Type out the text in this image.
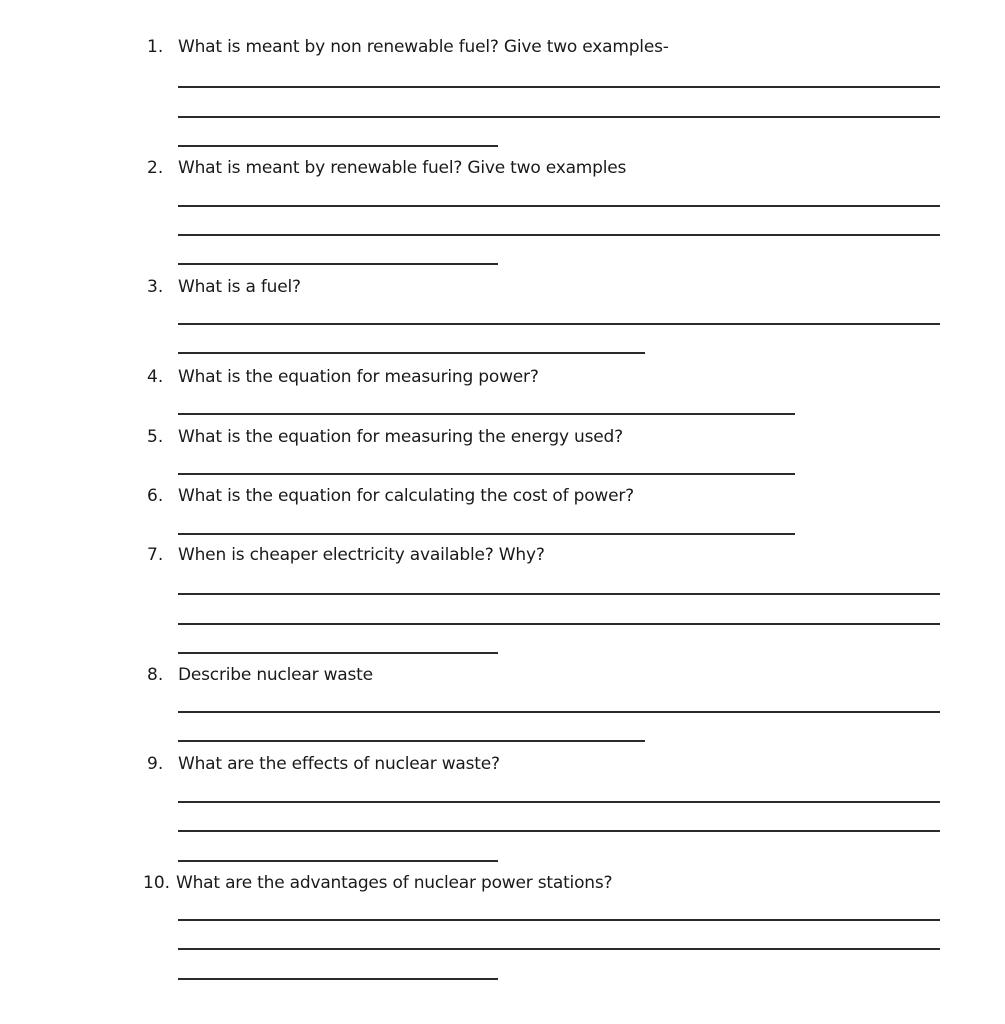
1. What is meant by non renewable fuel? Give two examples-
2. What is meant by renewable fuel? Give two examples
3. What is a fuel?
4. What is the equation for measuring power?
5. What is the equation for measuring the energy used?
6. What is the equation for calculating the cost of power?
7. When is cheaper electricity available? Why?
8. Describe nuclear waste
9. What are the effects of nuclear waste?
10. What are the advantages of nuclear power stations?
